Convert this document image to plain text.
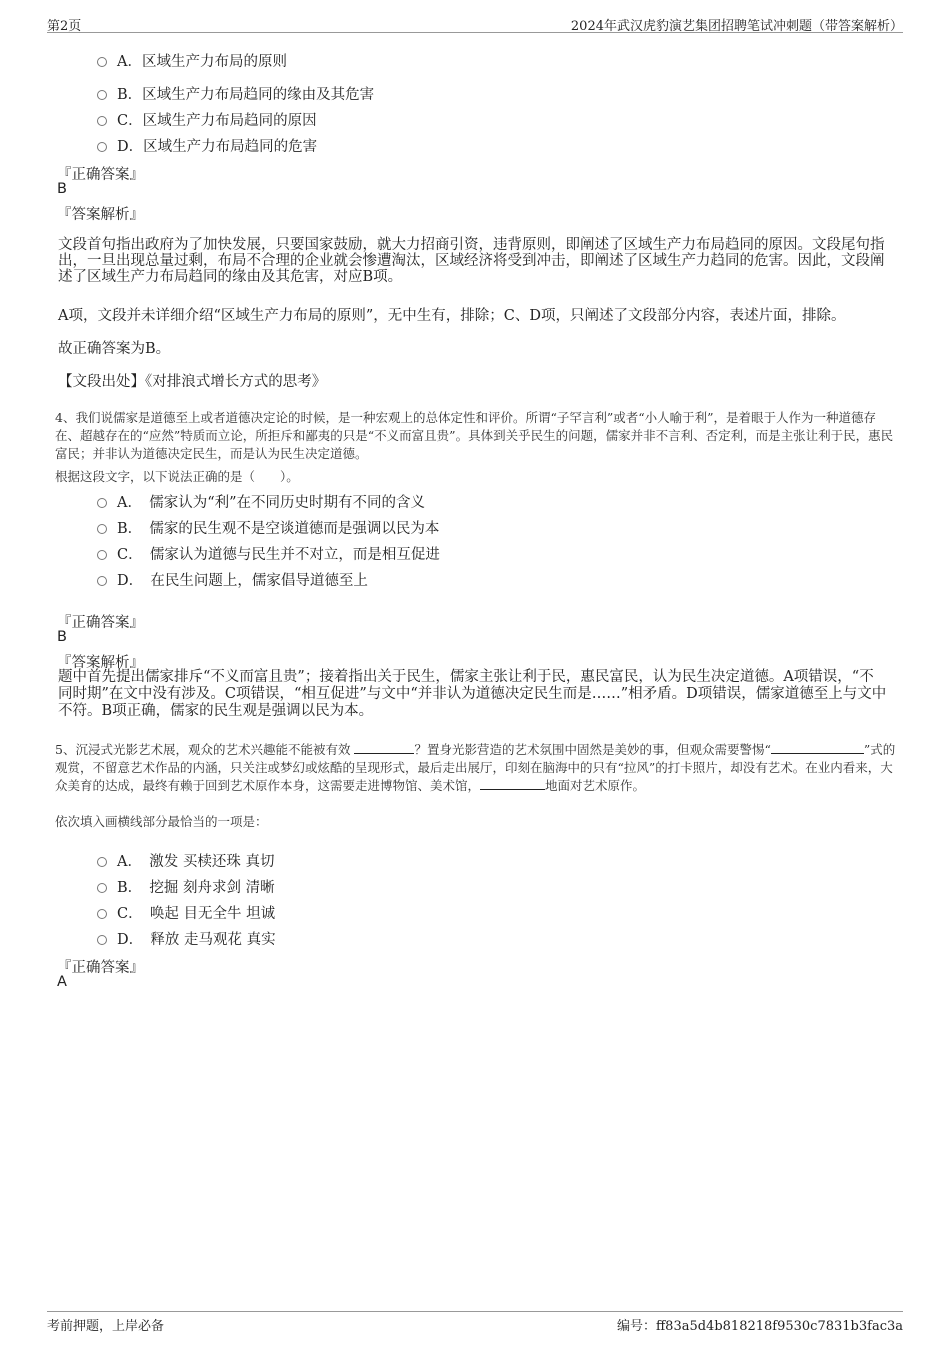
第2页	2024年武汉虎豹演艺集团招聘笔试冲刺题（带答案解析）
A．区域生产力布局的原则
B．区域生产力布局趋同的缘由及其危害
C．区域生产力布局趋同的原因
D．区域生产力布局趋同的危害
『正确答案』
B
『答案解析』
文段首句指出政府为了加快发展，只要国家鼓励，就大力招商引资，违背原则，即阐述了区域生产力布局趋同的原因。文段尾句指出，一旦出现总量过剩，布局不合理的企业就会惨遭淘汰，区域经济将受到冲击，即阐述了区域生产力趋同的危害。因此，文段阐述了区域生产力布局趋同的缘由及其危害，对应B项。
A项，文段并未详细介绍“区域生产力布局的原则”，无中生有，排除；C、D项，只阐述了文段部分内容，表述片面，排除。
故正确答案为B。
【文段出处】《对排浪式增长方式的思考》
4、我们说儒家是道德至上或者道德决定论的时候，是一种宏观上的总体定性和评价。所谓“子罕言利”或者“小人喻于利”，是着眼于人作为一种道德存在、超越存在的“应然”特质而立论，所拒斥和鄙夷的只是“不义而富且贵”。具体到关乎民生的问题，儒家并非不言利、否定利，而是主张让利于民，惠民富民；并非认为道德决定民生，而是认为民生决定道德。
根据这段文字，以下说法正确的是（　　）。
A．  儒家认为“利”在不同历史时期有不同的含义
B．  儒家的民生观不是空谈道德而是强调以民为本
C．  儒家认为道德与民生并不对立，而是相互促进
D．  在民生问题上，儒家倡导道德至上
『正确答案』
B
『答案解析』
题中首先提出儒家排斥“不义而富且贵”；接着指出关于民生，儒家主张让利于民，惠民富民，认为民生决定道德。A项错误，“不同时期”在文中没有涉及。C项错误，“相互促进”与文中“并非认为道德决定民生而是……”相矛盾。D项错误，儒家道德至上与文中不符。B项正确，儒家的民生观是强调以民为本。
5、沉浸式光影艺术展，观众的艺术兴趣能不能被有效	？置身光影营造的艺术氛围中固然是美妙的事，但观众需要警惕“	”式的观赏，不留意艺术作品的内涵，只关注或梦幻或炫酷的呈现形式，最后走出展厅，印刻在脑海中的只有“拉风”的打卡照片，却没有艺术。在业内看来，大众美育的达成，最终有赖于回到艺术原作本身，这需要走进博物馆、美术馆，	地面对艺术原作。
依次填入画横线部分最恰当的一项是：
A．  激发 买椟还珠 真切
B．  挖掘 刻舟求剑 清晰
C．  唤起 目无全牛 坦诚
D．  释放 走马观花 真实
『正确答案』
A
考前押题，上岸必备	编号：ff83a5d4b818218f9530c7831b3fac3a
